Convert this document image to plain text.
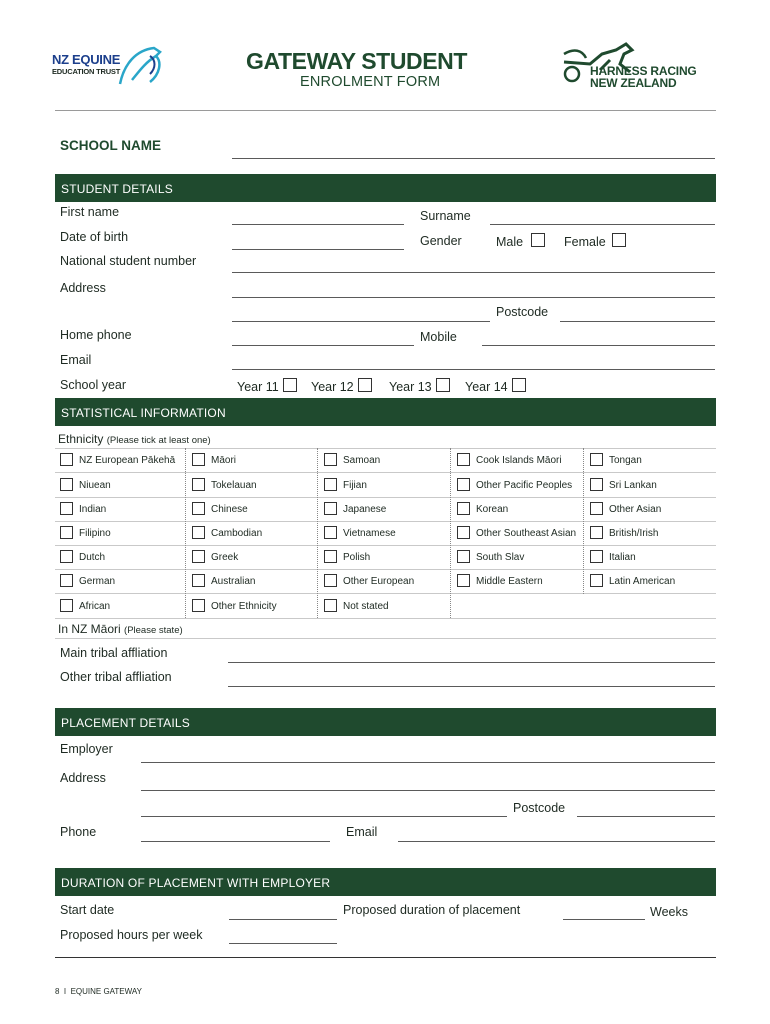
NZ EQUINE
EDUCATION TRUST	GATEWAY STUDENT
ENROLMENT FORM
HARNESS RACING
NEW ZEALAND
SCHOOL NAME
STUDENT DETAILS
First name	Surname
Date of birth	Gender	Male	Female
National student number
Address
Postcode
Home phone	Mobile
Email
School year	Year 11	Year 12	Year 13	Year 14
STATISTICAL INFORMATION
Ethnicity (Please tick at least one)
NZ European Pākehā	Māori	Samoan	Cook Islands Māori	Tongan
Niuean	Tokelauan	Fijian	Other Pacific Peoples	Sri Lankan
Indian	Chinese	Japanese	Korean	Other Asian
Filipino	Cambodian	Vietnamese	Other Southeast Asian	British/Irish
Dutch	Greek	Polish	South Slav	Italian
German	Australian	Other European	Middle Eastern	Latin American
African	Other Ethnicity	Not stated
In NZ Māori (Please state)
Main tribal affliation
Other tribal affliation
PLACEMENT DETAILS
Employer
Address
Postcode
Phone	Email
DURATION OF PLACEMENT WITH EMPLOYER
Start date	Proposed duration of placement	Weeks
Proposed hours per week
8  I  EQUINE GATEWAY
